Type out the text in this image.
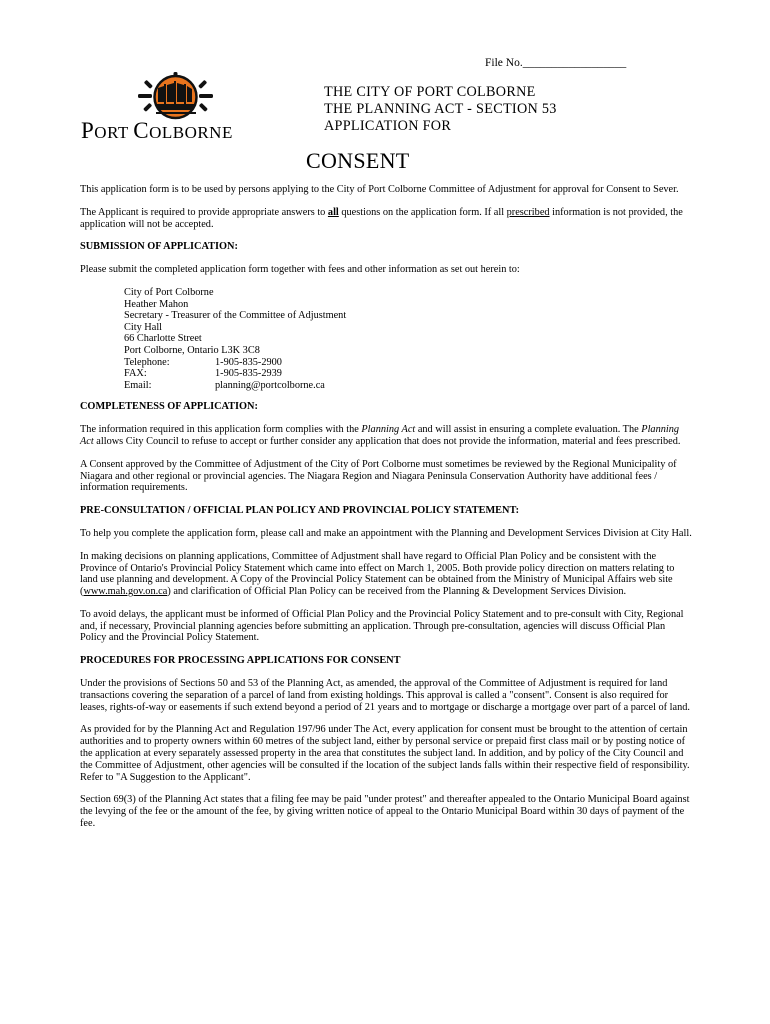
File No.__________________
PORT COLBORNE
THE CITY OF PORT COLBORNE
THE PLANNING ACT - SECTION 53
APPLICATION FOR
CONSENT

This application form is to be used by persons applying to the City of Port Colborne Committee of Adjustment for approval for Consent to Sever.

The Applicant is required to provide appropriate answers to all questions on the application form. If all prescribed information is not provided, the application will not be accepted.

SUBMISSION OF APPLICATION:

Please submit the completed application form together with fees and other information as set out herein to:

City of Port Colborne
Heather Mahon
Secretary - Treasurer of the Committee of Adjustment
City Hall
66 Charlotte Street
Port Colborne, Ontario L3K 3C8
Telephone:	1-905-835-2900
FAX:	1-905-835-2939
Email:	planning@portcolborne.ca
COMPLETENESS OF APPLICATION:

The information required in this application form complies with the Planning Act and will assist in ensuring a complete evaluation. The Planning Act allows City Council to refuse to accept or further consider any application that does not provide the information, material and fees prescribed.

A Consent approved by the Committee of Adjustment of the City of Port Colborne must sometimes be reviewed by the Regional Municipality of Niagara and other regional or provincial agencies. The Niagara Region and Niagara Peninsula Conservation Authority have additional fees / information requirements.

PRE-CONSULTATION / OFFICIAL PLAN POLICY AND PROVINCIAL POLICY STATEMENT:

To help you complete the application form, please call and make an appointment with the Planning and Development Services Division at City Hall.

In making decisions on planning applications, Committee of Adjustment shall have regard to Official Plan Policy and be consistent with the Province of Ontario's Provincial Policy Statement which came into effect on March 1, 2005. Both provide policy direction on matters relating to land use planning and development. A Copy of the Provincial Policy Statement can be obtained from the Ministry of Municipal Affairs web site (www.mah.gov.on.ca) and clarification of Official Plan Policy can be received from the Planning & Development Services Division.

To avoid delays, the applicant must be informed of Official Plan Policy and the Provincial Policy Statement and to pre-consult with City, Regional and, if necessary, Provincial planning agencies before submitting an application. Through pre-consultation, agencies will discuss Official Plan Policy and the Provincial Policy Statement.

PROCEDURES FOR PROCESSING APPLICATIONS FOR CONSENT

Under the provisions of Sections 50 and 53 of the Planning Act, as amended, the approval of the Committee of Adjustment is required for land transactions covering the separation of a parcel of land from existing holdings. This approval is called a "consent". Consent is also required for leases, rights-of-way or easements if such extend beyond a period of 21 years and to mortgage or discharge a mortgage over part of a parcel of land.

As provided for by the Planning Act and Regulation 197/96 under The Act, every application for consent must be brought to the attention of certain authorities and to property owners within 60 metres of the subject land, either by personal service or prepaid first class mail or by posting notice of the application at every separately assessed property in the area that constitutes the subject land. In addition, and by policy of the City Council and the Committee of Adjustment, other agencies will be consulted if the location of the subject lands falls within their respective field of responsibility. Refer to "A Suggestion to the Applicant".

Section 69(3) of the Planning Act states that a filing fee may be paid "under protest" and thereafter appealed to the Ontario Municipal Board against the levying of the fee or the amount of the fee, by giving written notice of appeal to the Ontario Municipal Board within 30 days of payment of the fee.
